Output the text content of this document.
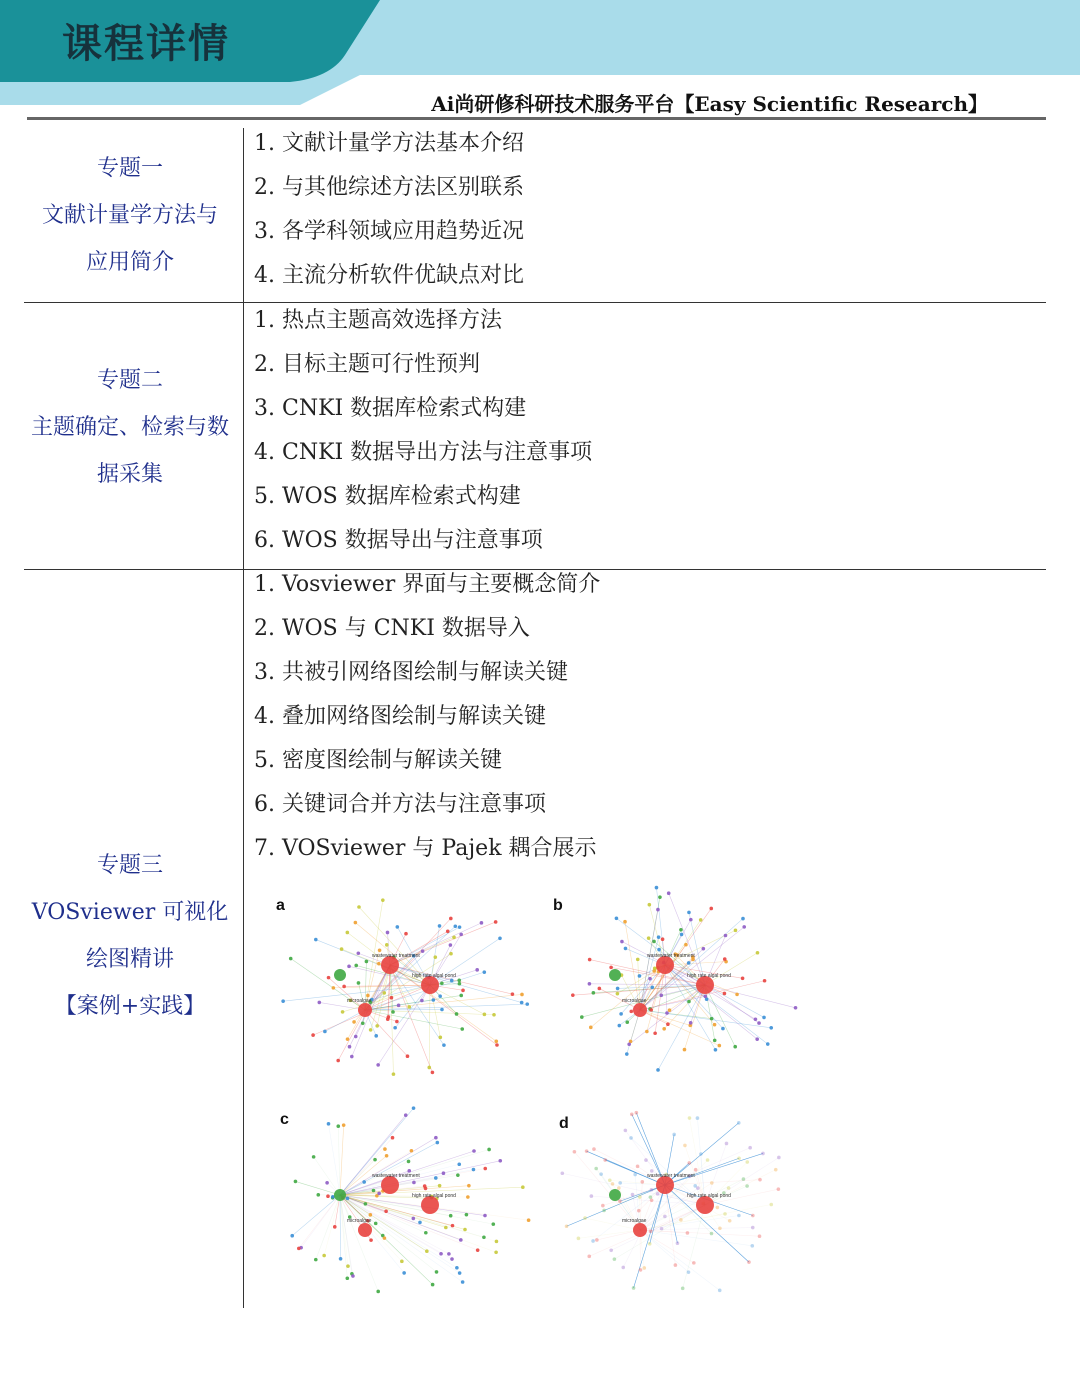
课程详情
Ai尚研修科研技术服务平台【Easy Scientific Research】
专题一
文献计量学方法与
应用简介
1. 文献计量学方法基本介绍
2. 与其他综述方法区别联系
3. 各学科领域应用趋势近况
4. 主流分析软件优缺点对比
专题二
主题确定、检索与数
据采集
1. 热点主题高效选择方法
2. 目标主题可行性预判
3. CNKI 数据库检索式构建
4. CNKI 数据导出方法与注意事项
5. WOS 数据库检索式构建
6. WOS 数据导出与注意事项
专题三
VOSviewer 可视化
绘图精讲
【案例+实践】
1. Vosviewer 界面与主要概念简介
2. WOS 与 CNKI 数据导入
3. 共被引网络图绘制与解读关键
4. 叠加网络图绘制与解读关键
5. 密度图绘制与解读关键
6. 关键词合并方法与注意事项
7. VOSviewer 与 Pajek 耦合展示
a
wastewater treatment
high rate algal pond
microalgae
b
wastewater treatment
high rate algal pond
microalgae
c
wastewater treatment
high rate algal pond
microalgae
d
wastewater treatment
high rate algal pond
microalgae
